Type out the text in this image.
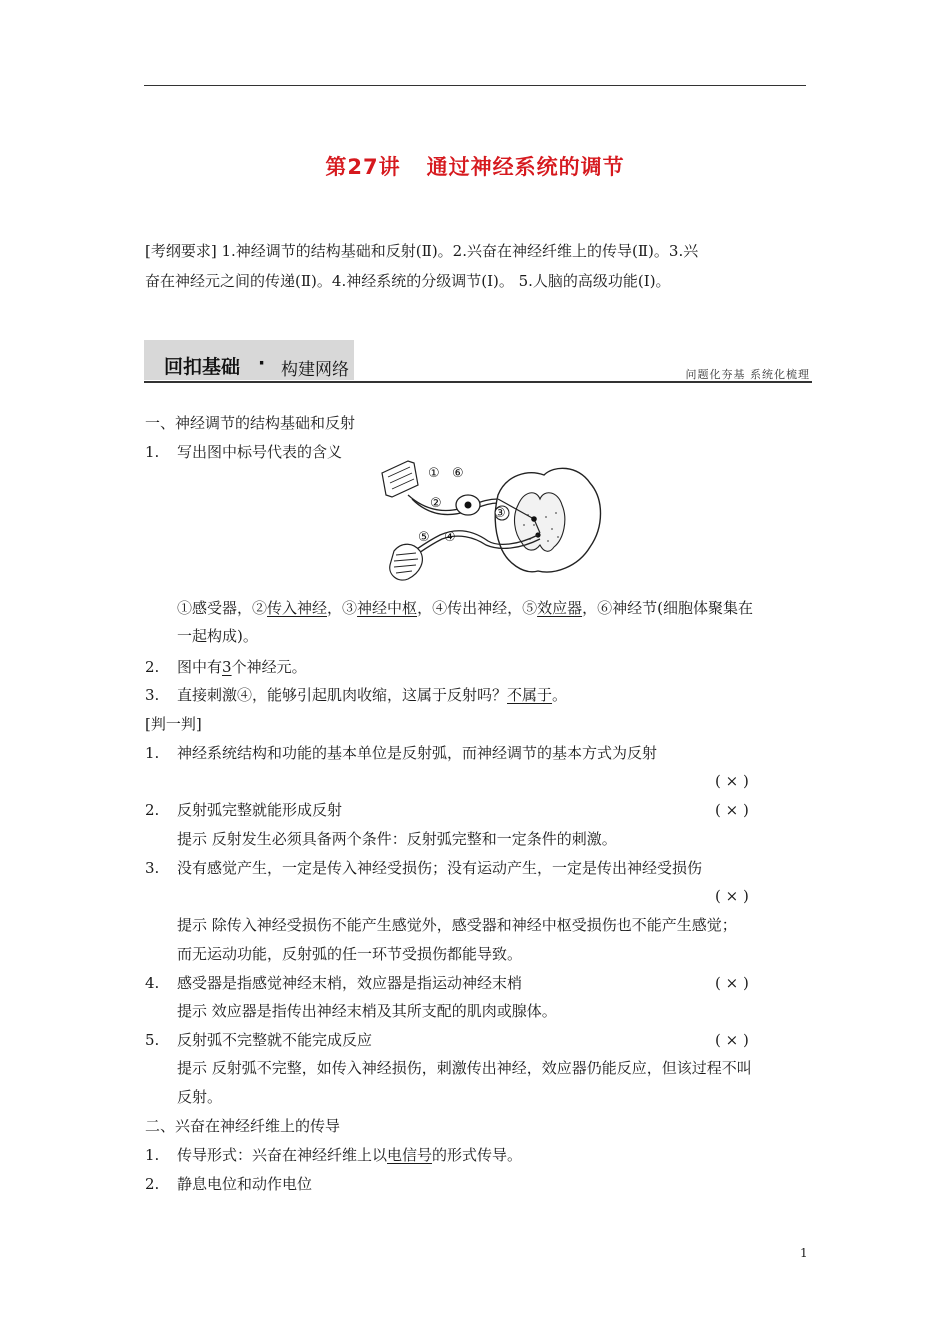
第27讲 通过神经系统的调节
[考纲要求] 1.神经调节的结构基础和反射(Ⅱ)。2.兴奋在神经纤维上的传导(Ⅱ)。3.兴
奋在神经元之间的传递(Ⅱ)。4.神经系统的分级调节(Ⅰ)。 5.人脑的高级功能(Ⅰ)。
回扣基础 · 构建网络	问题化夯基 系统化梳理
一、神经调节的结构基础和反射
1. 写出图中标号代表的含义
① ⑥
②
③
⑤ ④
①感受器，②传入神经，③神经中枢，④传出神经，⑤效应器，⑥神经节(细胞体聚集在
一起构成)。
2. 图中有3个神经元。
3. 直接刺激④，能够引起肌肉收缩，这属于反射吗？不属于。
[判一判]
1. 神经系统结构和功能的基本单位是反射弧，而神经调节的基本方式为反射
( × )
2. 反射弧完整就能形成反射	( × )
提示 反射发生必须具备两个条件：反射弧完整和一定条件的刺激。
3. 没有感觉产生，一定是传入神经受损伤；没有运动产生，一定是传出神经受损伤
( × )
提示 除传入神经受损伤不能产生感觉外，感受器和神经中枢受损伤也不能产生感觉；
而无运动功能，反射弧的任一环节受损伤都能导致。
4. 感受器是指感觉神经末梢，效应器是指运动神经末梢	( × )
提示 效应器是指传出神经末梢及其所支配的肌肉或腺体。
5. 反射弧不完整就不能完成反应	( × )
提示 反射弧不完整，如传入神经损伤，刺激传出神经，效应器仍能反应，但该过程不叫
反射。
二、兴奋在神经纤维上的传导
1. 传导形式：兴奋在神经纤维上以电信号的形式传导。
2. 静息电位和动作电位
1
